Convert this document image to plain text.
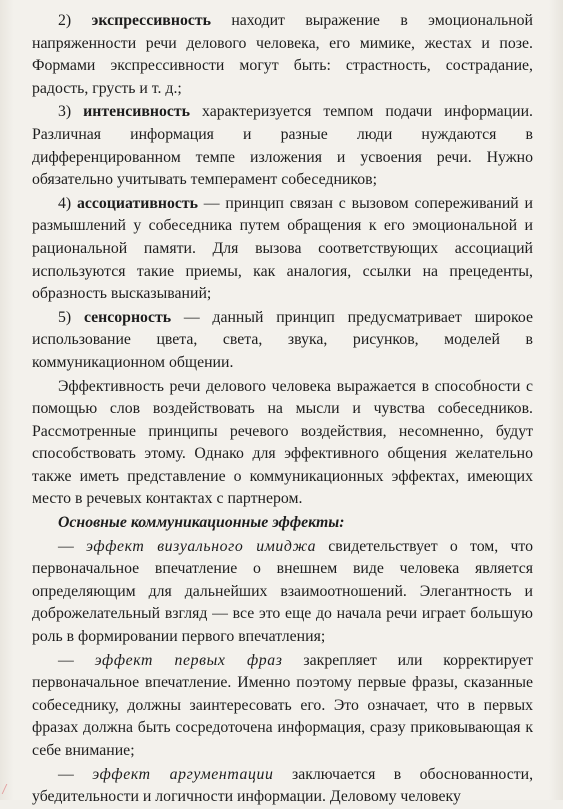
2) экспрессивность находит выражение в эмоциональной напряженности речи делового человека, его мимике, жестах и позе. Формами экспрессивности могут быть: страстность, сострадание, радость, грусть и т. д.;

3) интенсивность характеризуется темпом подачи информации. Различная информация и разные люди нуждаются в дифференцированном темпе изложения и усвоения речи. Нужно обязательно учитывать темперамент собеседников;

4) ассоциативность — принцип связан с вызовом сопереживаний и размышлений у собеседника путем обращения к его эмоциональной и рациональной памяти. Для вызова соответствующих ассоциаций используются такие приемы, как аналогия, ссылки на прецеденты, образность высказываний;

5) сенсорность — данный принцип предусматривает широкое использование цвета, света, звука, рисунков, моделей в коммуникационном общении.

Эффективность речи делового человека выражается в способности с помощью слов воздействовать на мысли и чувства собеседников. Рассмотренные принципы речевого воздействия, несомненно, будут способствовать этому. Однако для эффективного общения желательно также иметь представление о коммуникационных эффектах, имеющих место в речевых контактах с партнером.

Основные коммуникационные эффекты:

— эффект визуального имиджа свидетельствует о том, что первоначальное впечатление о внешнем виде человека является определяющим для дальнейших взаимоотношений. Элегантность и доброжелательный взгляд — все это еще до начала речи играет большую роль в формировании первого впечатления;

— эффект первых фраз закрепляет или корректирует первоначальное впечатление. Именно поэтому первые фразы, сказанные собеседнику, должны заинтересовать его. Это означает, что в первых фразах должна быть сосредоточена информация, сразу приковывающая к себе внимание;

— эффект аргументации заключается в обоснованности, убедительности и логичности информации. Деловому человеку
